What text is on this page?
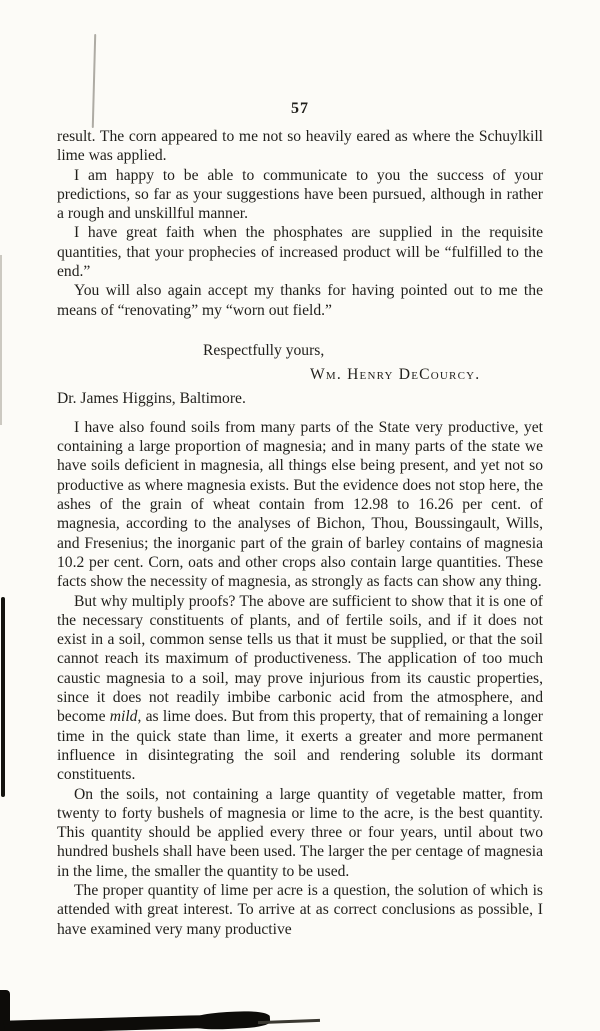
57

result. The corn appeared to me not so heavily eared as where the Schuylkill lime was applied.

I am happy to be able to communicate to you the success of your predictions, so far as your suggestions have been pursued, although in rather a rough and unskillful manner.

I have great faith when the phosphates are supplied in the requisite quantities, that your prophecies of increased product will be “fulfilled to the end.”

You will also again accept my thanks for having pointed out to me the means of “renovating” my “worn out field.”

Respectfully yours,

Wm. Henry DeCourcy.

Dr. James Higgins, Baltimore.

I have also found soils from many parts of the State very productive, yet containing a large proportion of magnesia; and in many parts of the state we have soils deficient in magnesia, all things else being present, and yet not so productive as where magnesia exists. But the evidence does not stop here, the ashes of the grain of wheat contain from 12.98 to 16.26 per cent. of magnesia, according to the analyses of Bichon, Thou, Boussingault, Wills, and Fresenius; the inorganic part of the grain of barley contains of magnesia 10.2 per cent. Corn, oats and other crops also contain large quantities. These facts show the necessity of magnesia, as strongly as facts can show any thing.

But why multiply proofs? The above are sufficient to show that it is one of the necessary constituents of plants, and of fertile soils, and if it does not exist in a soil, common sense tells us that it must be supplied, or that the soil cannot reach its maximum of productiveness. The application of too much caustic magnesia to a soil, may prove injurious from its caustic properties, since it does not readily imbibe carbonic acid from the atmosphere, and become mild, as lime does. But from this property, that of remaining a longer time in the quick state than lime, it exerts a greater and more permanent influence in disintegrating the soil and rendering soluble its dormant constituents.

On the soils, not containing a large quantity of vegetable matter, from twenty to forty bushels of magnesia or lime to the acre, is the best quantity. This quantity should be applied every three or four years, until about two hundred bushels shall have been used. The larger the per centage of magnesia in the lime, the smaller the quantity to be used.

The proper quantity of lime per acre is a question, the solution of which is attended with great interest. To arrive at as correct conclusions as possible, I have examined very many productive
